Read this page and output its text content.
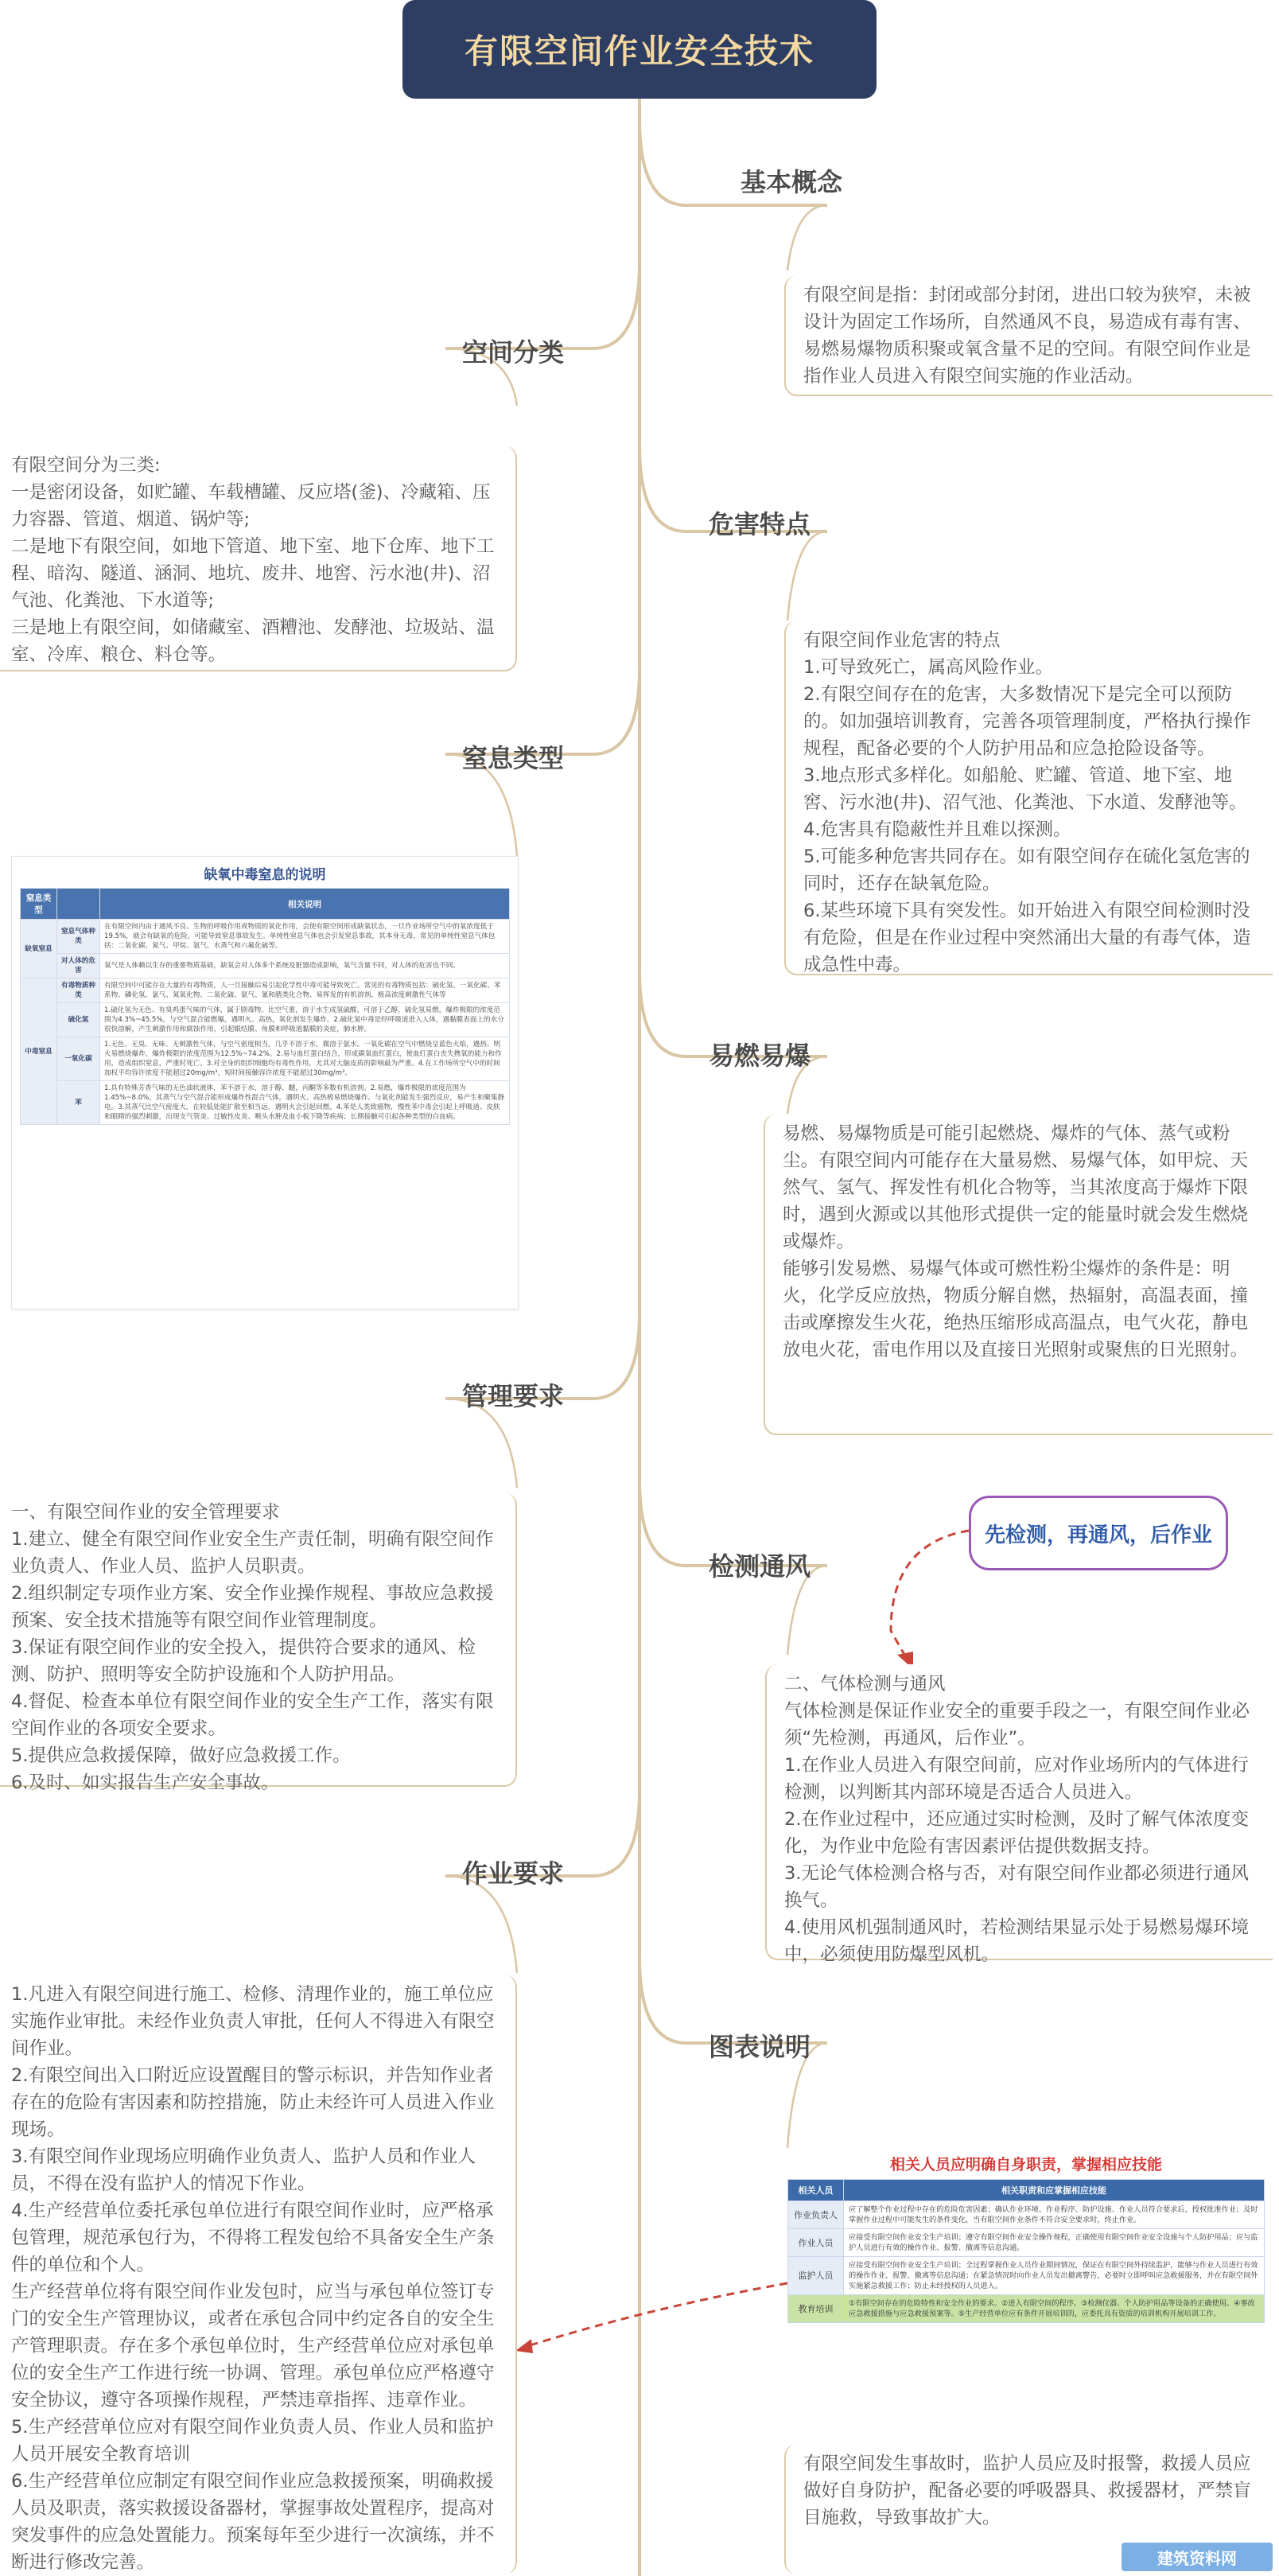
有限空间作业安全技术
基本概念
空间分类
危害特点
窒息类型
易燃易爆
管理要求
检测通风
作业要求
图表说明
有限空间是指：封闭或部分封闭，进出口较为狭窄，未被设计为固定工作场所，自然通风不良，易造成有毒有害、易燃易爆物质积聚或氧含量不足的空间。有限空间作业是指作业人员进入有限空间实施的作业活动。
有限空间分为三类:
一是密闭设备，如贮罐、车载槽罐、反应塔(釜)、冷藏箱、压力容器、管道、烟道、锅炉等;
二是地下有限空间，如地下管道、地下室、地下仓库、地下工程、暗沟、隧道、涵洞、地坑、废井、地窖、污水池(井)、沼气池、化粪池、下水道等;
三是地上有限空间，如储藏室、酒糟池、发酵池、垃圾站、温室、冷库、粮仓、料仓等。
有限空间作业危害的特点
1.可导致死亡，属高风险作业。
2.有限空间存在的危害，大多数情况下是完全可以预防的。如加强培训教育，完善各项管理制度，严格执行操作规程，配备必要的个人防护用品和应急抢险设备等。
3.地点形式多样化。如船舱、贮罐、管道、地下室、地窖、污水池(井)、沼气池、化粪池、下水道、发酵池等。
4.危害具有隐蔽性并且难以探测。
5.可能多种危害共同存在。如有限空间存在硫化氢危害的同时，还存在缺氧危险。
6.某些环境下具有突发性。如开始进入有限空间检测时没有危险，但是在作业过程中突然涌出大量的有毒气体，造成急性中毒。
易燃、易爆物质是可能引起燃烧、爆炸的气体、蒸气或粉尘。有限空间内可能存在大量易燃、易爆气体，如甲烷、天然气、氢气、挥发性有机化合物等，当其浓度高于爆炸下限时，遇到火源或以其他形式提供一定的能量时就会发生燃烧或爆炸。
能够引发易燃、易爆气体或可燃性粉尘爆炸的条件是：明火，化学反应放热，物质分解自燃，热辐射，高温表面，撞击或摩擦发生火花，绝热压缩形成高温点，电气火花，静电放电火花，雷电作用以及直接日光照射或聚焦的日光照射。
一、有限空间作业的安全管理要求
1.建立、健全有限空间作业安全生产责任制，明确有限空间作业负责人、作业人员、监护人员职责。
2.组织制定专项作业方案、安全作业操作规程、事故应急救援预案、安全技术措施等有限空间作业管理制度。
3.保证有限空间作业的安全投入，提供符合要求的通风、检测、防护、照明等安全防护设施和个人防护用品。
4.督促、检查本单位有限空间作业的安全生产工作，落实有限空间作业的各项安全要求。
5.提供应急救援保障，做好应急救援工作。
6.及时、如实报告生产安全事故。
二、气体检测与通风
气体检测是保证作业安全的重要手段之一，有限空间作业必须“先检测，再通风，后作业”。
1.在作业人员进入有限空间前，应对作业场所内的气体进行检测，以判断其内部环境是否适合人员进入。
2.在作业过程中，还应通过实时检测，及时了解气体浓度变化，为作业中危险有害因素评估提供数据支持。
3.无论气体检测合格与否，对有限空间作业都必须进行通风换气。
4.使用风机强制通风时，若检测结果显示处于易燃易爆环境中，必须使用防爆型风机。
1.凡进入有限空间进行施工、检修、清理作业的，施工单位应实施作业审批。未经作业负责人审批，任何人不得进入有限空间作业。
2.有限空间出入口附近应设置醒目的警示标识，并告知作业者存在的危险有害因素和防控措施，防止未经许可人员进入作业现场。
3.有限空间作业现场应明确作业负责人、监护人员和作业人员，不得在没有监护人的情况下作业。
4.生产经营单位委托承包单位进行有限空间作业时，应严格承包管理，规范承包行为，不得将工程发包给不具备安全生产条件的单位和个人。
生产经营单位将有限空间作业发包时，应当与承包单位签订专门的安全生产管理协议，或者在承包合同中约定各自的安全生产管理职责。存在多个承包单位时，生产经营单位应对承包单位的安全生产工作进行统一协调、管理。承包单位应严格遵守安全协议，遵守各项操作规程，严禁违章指挥、违章作业。
5.生产经营单位应对有限空间作业负责人员、作业人员和监护人员开展安全教育培训
6.生产经营单位应制定有限空间作业应急救援预案，明确救援人员及职责，落实救援设备器材，掌握事故处置程序，提高对突发事件的应急处置能力。预案每年至少进行一次演练，并不断进行修改完善。
有限空间发生事故时，监护人员应及时报警，救援人员应做好自身防护，配备必要的呼吸器具、救援器材，严禁盲目施救，导致事故扩大。
先检测，再通风，后作业
缺氧中毒窒息的说明
窒息类型		相关说明
缺氧窒息	窒息气体种类	在有限空间内由于通风不良、生物的呼吸作用或物质的氧化作用，会使有限空间形成缺氧状态，一旦作业场所空气中的氧浓度低于19.5%，就会有缺氧的危险，可能导致窒息事故发生。单纯性窒息气体也会引发窒息事故，其本身无毒，常见的单纯性窒息气体包括：二氧化碳、氮气、甲烷、氩气、水蒸气和六氟化硫等。
	对人体的危害	氧气是人体赖以生存的重要物质基础，缺氧会对人体多个系统及脏器造成影响，氧气含量不同，对人体的危害也不同。
中毒窒息	有毒物质种类	有限空间中可能存在大量的有毒物质，人一旦接触后易引起化学性中毒可能导致死亡。常见的有毒物质包括：硫化氢、一氧化碳、苯系物、磷化氢、氯气、氮氧化物、二氧化硫、氨气、氰和腈类化合物、易挥发的有机溶剂、极高浓度刺激性气体等
	硫化氢	1.硫化氢为无色、有臭鸡蛋气味的气体，属于剧毒物。比空气重，溶于水生成氢硫酸，可溶于乙醇，硫化氢易燃，爆炸极限的浓度范围为4.3%~45.5%，与空气混合能燃爆，遇明火、高热，氧化剂发生爆炸。2.硫化氢中毒是经呼吸道进入人体，遇黏膜表面上的水分很快溶解，产生刺激作用和腐蚀作用，引起眼结膜、角膜和呼吸道黏膜的炎症，肺水肿。
	一氧化碳	1.无色、无臭、无味、无刺激性气体，与空气密度相当，几乎不溶于水，微溶于氨水。一氧化碳在空气中燃烧呈蓝色火焰，遇热、明火易燃烧爆炸，爆炸极限的浓度范围为12.5%~74.2%。2.易与血红蛋白结合，形成碳氧血红蛋白，使血红蛋白丧失携氧的能力和作用，造成组织窒息，严重时死亡。3.对全身的组织细胞均有毒性作用，尤其对大脑皮质的影响最为严重。4.在工作场所空气中的时间加权平均容许浓度不能超过20mg/m³，短时间接触容许浓度不能超过30mg/m³。
	苯	1.具有特殊芳香气味的无色油状液体，苯不溶于水，溶于醇、醚，丙酮等多数有机溶剂。2.易燃，爆炸极限的浓度范围为1.45%~8.0%，其蒸气与空气混合能形成爆炸性混合气体，遇明火、高热极易燃烧爆炸。与氧化剂能发生强烈反应，易产生和聚集静电。3.其蒸气比空气密度大，在较低处能扩散至相当远，遇明火会引起回燃。4.苯是人类致癌物，慢性苯中毒会引起上呼吸道、皮肤和眼睛的强烈刺激，出现支气管炎、过敏性皮炎、喉头水肿及血小板下降等疾病；长期接触可引起各种类型的白血病。
相关人员应明确自身职责，掌握相应技能
相关人员	相关职责和应掌握相应技能
作业负责人	应了解整个作业过程中存在的危险危害因素；确认作业环境、作业程序、防护设施、作业人员符合要求后，授权批准作业；及时掌握作业过程中可能发生的条件变化，当有限空间作业条件不符合安全要求时，终止作业。
作业人员	应接受有限空间作业安全生产培训；遵守有限空间作业安全操作规程，正确使用有限空间作业安全设施与个人防护用品；应与监护人员进行有效的操作作业、报警、撤离等信息沟通。
监护人员	应接受有限空间作业安全生产培训；全过程掌握作业人员作业期间情况，保证在有限空间外持续监护，能够与作业人员进行有效的操作作业、报警、撤离等信息沟通；在紧急情况时向作业人员发出撤离警告，必要时立即呼叫应急救援服务，并在有限空间外实施紧急救援工作；防止未经授权的人员进入。
教育培训	①有限空间存在的危险特性和安全作业的要求。②进入有限空间的程序。③检测仪器、个人防护用品等设备的正确使用。④事故应急救援措施与应急救援预案等。⑤生产经营单位应有条件开展培训的，应委托具有资质的培训机构开展培训工作。
建筑资料网
